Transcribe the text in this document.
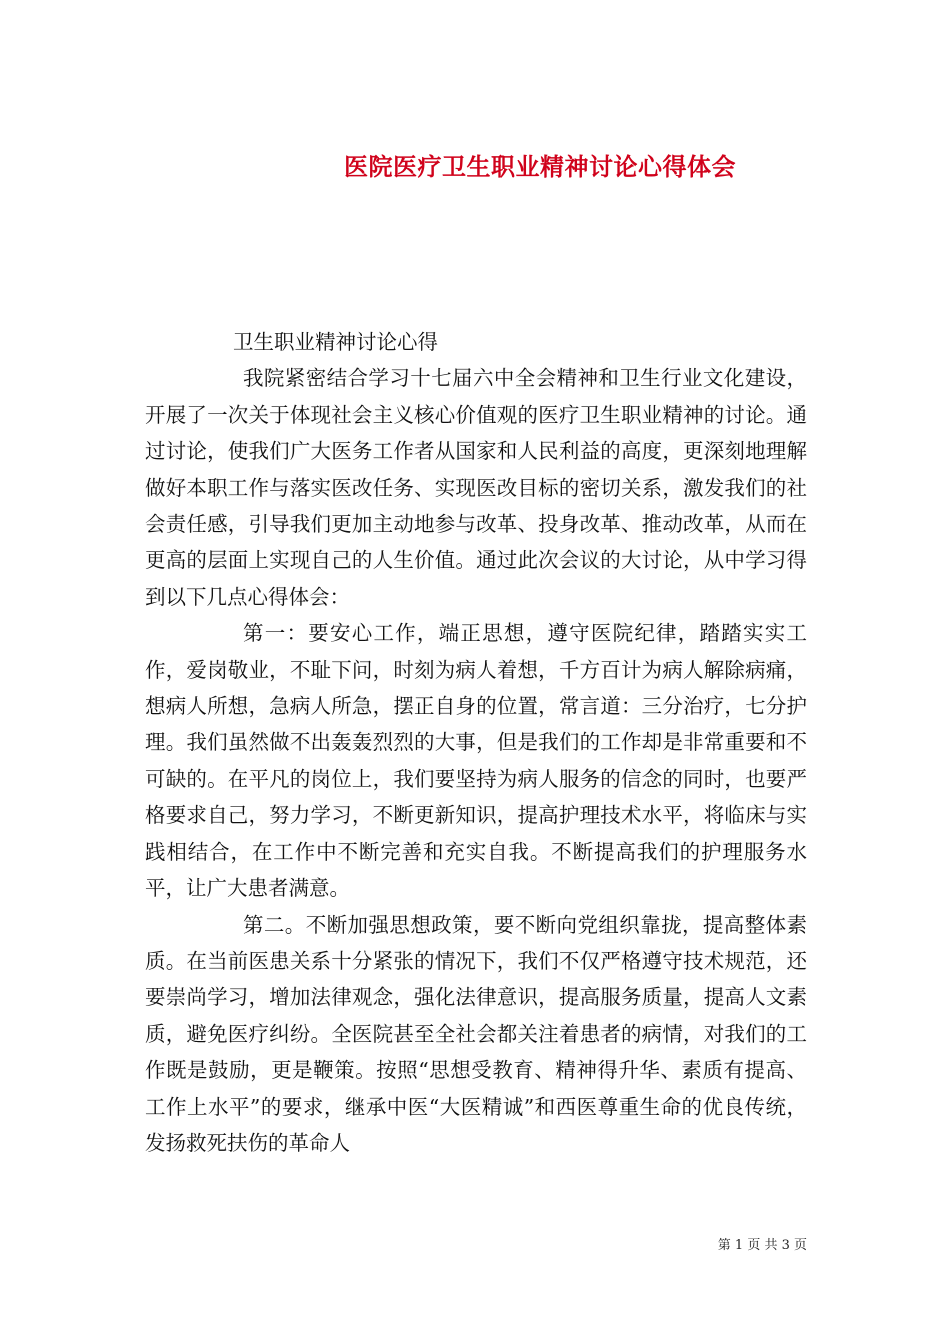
医院医疗卫生职业精神讨论心得体会

卫生职业精神讨论心得

我院紧密结合学习十七届六中全会精神和卫生行业文化建设，开展了一次关于体现社会主义核心价值观的医疗卫生职业精神的讨论。通过讨论，使我们广大医务工作者从国家和人民利益的高度，更深刻地理解做好本职工作与落实医改任务、实现医改目标的密切关系，激发我们的社会责任感，引导我们更加主动地参与改革、投身改革、推动改革，从而在更高的层面上实现自己的人生价值。通过此次会议的大讨论，从中学习得到以下几点心得体会：

第一：要安心工作，端正思想，遵守医院纪律，踏踏实实工作，爱岗敬业，不耻下问，时刻为病人着想，千方百计为病人解除病痛，想病人所想，急病人所急，摆正自身的位置，常言道：三分治疗，七分护理。我们虽然做不出轰轰烈烈的大事，但是我们的工作却是非常重要和不可缺的。在平凡的岗位上，我们要坚持为病人服务的信念的同时，也要严格要求自己，努力学习，不断更新知识，提高护理技术水平，将临床与实践相结合，在工作中不断完善和充实自我。不断提高我们的护理服务水平，让广大患者满意。

第二。不断加强思想政策，要不断向党组织靠拢，提高整体素质。在当前医患关系十分紧张的情况下，我们不仅严格遵守技术规范，还要崇尚学习，增加法律观念，强化法律意识，提高服务质量，提高人文素质，避免医疗纠纷。全医院甚至全社会都关注着患者的病情，对我们的工作既是鼓励，更是鞭策。按照“思想受教育、精神得升华、素质有提高、工作上水平”的要求，继承中医“大医精诚”和西医尊重生命的优良传统，发扬救死扶伤的革命人

第 1 页 共 3 页
